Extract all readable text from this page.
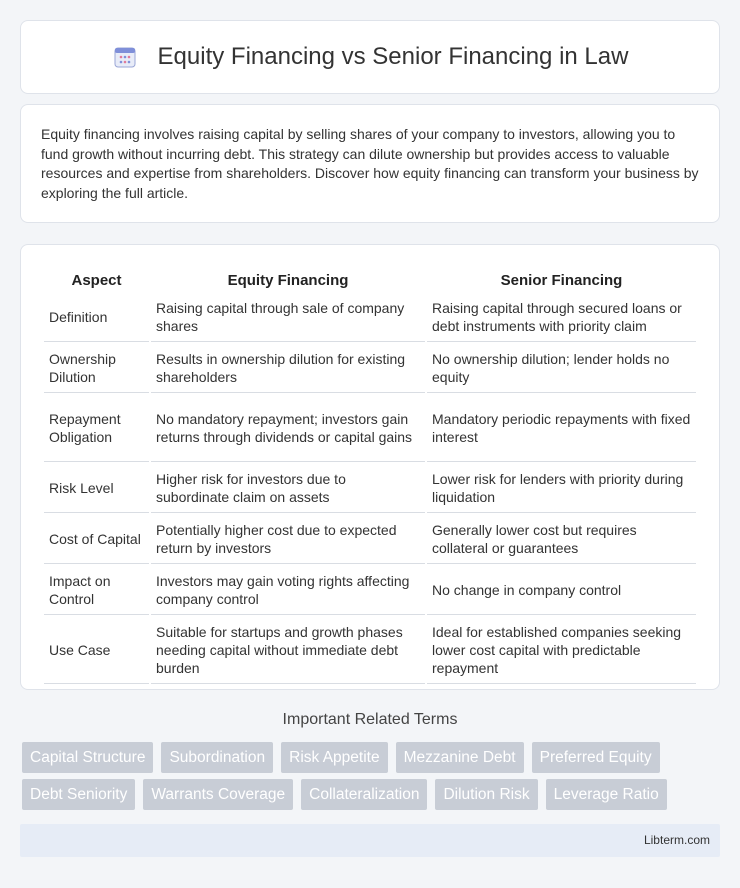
Equity Financing vs Senior Financing in Law

Equity financing involves raising capital by selling shares of your company to investors, allowing you to fund growth without incurring debt. This strategy can dilute ownership but provides access to valuable resources and expertise from shareholders. Discover how equity financing can transform your business by exploring the full article.

Aspect	Equity Financing	Senior Financing
Definition	Raising capital through sale of company shares	Raising capital through secured loans or debt instruments with priority claim
Ownership Dilution	Results in ownership dilution for existing shareholders	No ownership dilution; lender holds no equity
Repayment Obligation	No mandatory repayment; investors gain returns through dividends or capital gains	Mandatory periodic repayments with fixed interest
Risk Level	Higher risk for investors due to subordinate claim on assets	Lower risk for lenders with priority during liquidation
Cost of Capital	Potentially higher cost due to expected return by investors	Generally lower cost but requires collateral or guarantees
Impact on Control	Investors may gain voting rights affecting company control	No change in company control
Use Case	Suitable for startups and growth phases needing capital without immediate debt burden	Ideal for established companies seeking lower cost capital with predictable repayment
Important Related Terms
Capital Structure	Subordination	Risk Appetite	Mezzanine Debt	Preferred Equity
Debt Seniority	Warrants Coverage	Collateralization	Dilution Risk	Leverage Ratio
Libterm.com
